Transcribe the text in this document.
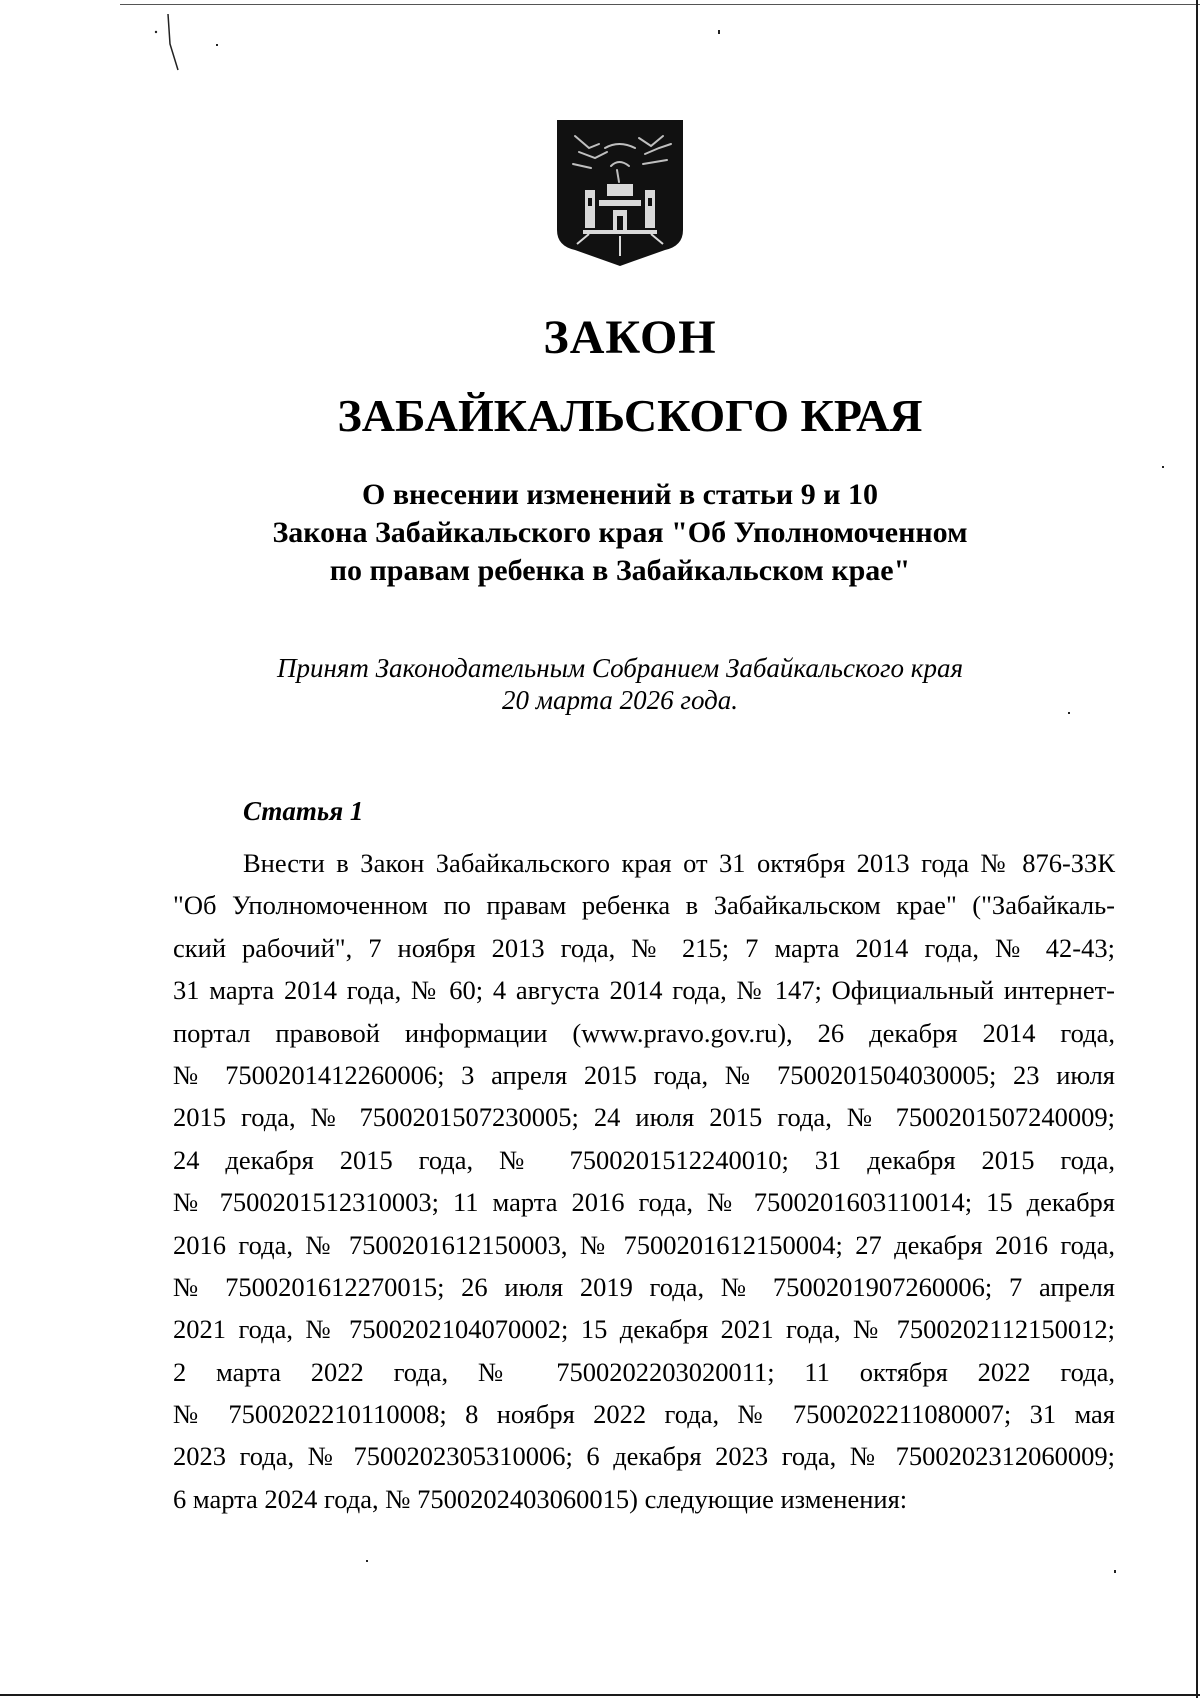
ЗАКОН
ЗАБАЙКАЛЬСКОГО КРАЯ
О внесении изменений в статьи 9 и 10
Закона Забайкальского края "Об Уполномоченном
по правам ребенка в Забайкальском крае"
Принят Законодательным Собранием Забайкальского края
20 марта 2026 года.
Статья 1
Внести в Закон Забайкальского края от 31 октября 2013 года № 876-ЗЗК
"Об Уполномоченном по правам ребенка в Забайкальском крае" ("Забайкаль-
ский рабочий", 7 ноября 2013 года, № 215; 7 марта 2014 года, № 42-43;
31 марта 2014 года, № 60; 4 августа 2014 года, № 147; Официальный интернет-
портал правовой информации (www.pravo.gov.ru), 26 декабря 2014 года,
№ 7500201412260006; 3 апреля 2015 года, № 7500201504030005; 23 июля
2015 года, № 7500201507230005; 24 июля 2015 года, № 7500201507240009;
24 декабря 2015 года, № 7500201512240010; 31 декабря 2015 года,
№ 7500201512310003; 11 марта 2016 года, № 7500201603110014; 15 декабря
2016 года, № 7500201612150003, № 7500201612150004; 27 декабря 2016 года,
№ 7500201612270015; 26 июля 2019 года, № 7500201907260006; 7 апреля
2021 года, № 7500202104070002; 15 декабря 2021 года, № 7500202112150012;
2 марта 2022 года, № 7500202203020011; 11 октября 2022 года,
№ 7500202210110008; 8 ноября 2022 года, № 7500202211080007; 31 мая
2023 года, № 7500202305310006; 6 декабря 2023 года, № 7500202312060009;
6 марта 2024 года, № 7500202403060015) следующие изменения:
